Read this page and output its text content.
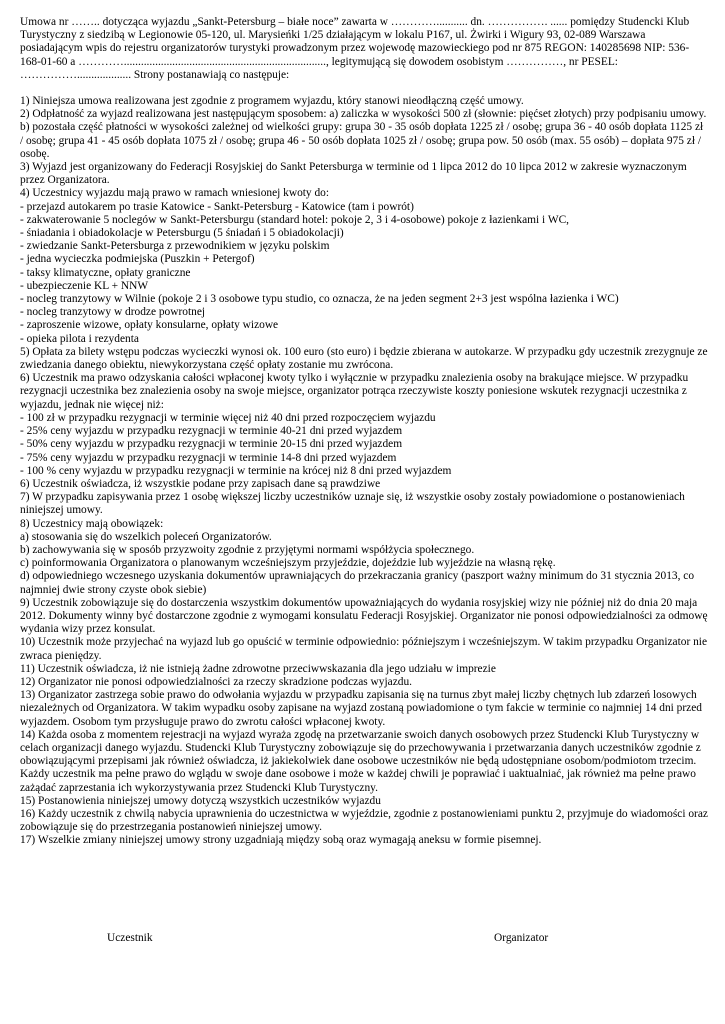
Umowa nr …….. dotycząca wyjazdu „Sankt-Petersburg – białe noce” zawarta w …………........... dn. ……………. ...... pomiędzy Studencki Klub Turystyczny z siedzibą w Legionowie 05-120, ul. Marysieńki 1/25 działającym w lokalu P167, ul. Żwirki i Wigury 93, 02-089 Warszawa posiadającym wpis do rejestru organizatorów turystyki prowadzonym przez wojewodę mazowieckiego pod nr 875 REGON: 140285698 NIP: 536-168-01-60 a …………......................................................................., legitymującą się dowodem osobistym ……………, nr PESEL: ……………................... Strony postanawiają co następuje:

1) Niniejsza umowa realizowana jest zgodnie z programem wyjazdu, który stanowi nieodłączną część umowy.

2) Odpłatność za wyjazd realizowana jest następującym sposobem: a) zaliczka w wysokości 500 zł (słownie: pięćset złotych) przy podpisaniu umowy. b) pozostała część płatności w wysokości zależnej od wielkości grupy: grupa 30 - 35 osób dopłata 1225 zł / osobę; grupa 36 - 40 osób dopłata 1125 zł / osobę; grupa 41 - 45 osób dopłata 1075 zł / osobę; grupa 46 - 50 osób dopłata 1025 zł / osobę; grupa pow. 50 osób (max. 55 osób) – dopłata 975 zł / osobę.

3) Wyjazd jest organizowany do Federacji Rosyjskiej do Sankt Petersburga w terminie od 1 lipca 2012 do 10 lipca 2012 w zakresie wyznaczonym przez Organizatora.

4) Uczestnicy wyjazdu mają prawo w ramach wniesionej kwoty do:

- przejazd autokarem po trasie Katowice - Sankt-Petersburg - Katowice (tam i powrót)

- zakwaterowanie 5 noclegów w Sankt-Petersburgu (standard hotel: pokoje 2, 3 i 4-osobowe) pokoje z łazienkami i WC,

- śniadania i obiadokolacje w Petersburgu (5 śniadań i 5 obiadokolacji)

- zwiedzanie Sankt-Petersburga z przewodnikiem w języku polskim

- jedna wycieczka podmiejska (Puszkin + Petergof)

- taksy klimatyczne, opłaty graniczne

- ubezpieczenie KL + NNW

- nocleg tranzytowy w Wilnie (pokoje 2 i 3 osobowe typu studio, co oznacza, że na jeden segment 2+3 jest wspólna łazienka i WC)

- nocleg tranzytowy w drodze powrotnej

- zaproszenie wizowe, opłaty konsularne, opłaty wizowe

- opieka pilota i rezydenta

5) Opłata za bilety wstępu podczas wycieczki wynosi ok. 100 euro (sto euro) i będzie zbierana w autokarze. W przypadku gdy uczestnik zrezygnuje ze zwiedzania danego obiektu, niewykorzystana część opłaty zostanie mu zwrócona.

6) Uczestnik ma prawo odzyskania całości wpłaconej kwoty tylko i wyłącznie w przypadku znalezienia osoby na brakujące miejsce. W przypadku rezygnacji uczestnika bez znalezienia osoby na swoje miejsce, organizator potrąca rzeczywiste koszty poniesione wskutek rezygnacji uczestnika z wyjazdu, jednak nie więcej niż:

- 100 zł w przypadku rezygnacji w terminie więcej niż 40 dni przed rozpoczęciem wyjazdu

- 25% ceny wyjazdu w przypadku rezygnacji w terminie 40-21 dni przed wyjazdem

- 50% ceny wyjazdu w przypadku rezygnacji w terminie 20-15 dni przed wyjazdem

- 75% ceny wyjazdu w przypadku rezygnacji w terminie 14-8 dni przed wyjazdem

- 100 % ceny wyjazdu w przypadku rezygnacji w terminie na krócej niż 8 dni przed wyjazdem

6) Uczestnik oświadcza, iż wszystkie podane przy zapisach dane są prawdziwe

7) W przypadku zapisywania przez 1 osobę większej liczby uczestników uznaje się, iż wszystkie osoby zostały powiadomione o postanowieniach niniejszej umowy.

8) Uczestnicy mają obowiązek:

a) stosowania się do wszelkich poleceń Organizatorów.

b) zachowywania się w sposób przyzwoity zgodnie z przyjętymi normami współżycia społecznego.

c) poinformowania Organizatora o planowanym wcześniejszym przyjeździe, dojeździe lub wyjeździe na własną rękę.

d) odpowiedniego wczesnego uzyskania dokumentów uprawniających do przekraczania granicy (paszport ważny minimum do 31 stycznia 2013, co najmniej dwie strony czyste obok siebie)

9) Uczestnik zobowiązuje się do dostarczenia wszystkim dokumentów upoważniających do wydania rosyjskiej wizy nie później niż do dnia 20 maja 2012. Dokumenty winny być dostarczone zgodnie z wymogami konsulatu Federacji Rosyjskiej. Organizator nie ponosi odpowiedzialności za odmowę wydania wizy przez konsulat.

10) Uczestnik może przyjechać na wyjazd lub go opuścić w terminie odpowiednio: późniejszym i wcześniejszym. W takim przypadku Organizator nie zwraca pieniędzy.

11) Uczestnik oświadcza, iż nie istnieją żadne zdrowotne przeciwwskazania dla jego udziału w imprezie

12) Organizator nie ponosi odpowiedzialności za rzeczy skradzione podczas wyjazdu.

13) Organizator zastrzega sobie prawo do odwołania wyjazdu w przypadku zapisania się na turnus zbyt małej liczby chętnych lub zdarzeń losowych niezależnych od Organizatora. W takim wypadku osoby zapisane na wyjazd zostaną powiadomione o tym fakcie w terminie co najmniej 14 dni przed wyjazdem. Osobom tym przysługuje prawo do zwrotu całości wpłaconej kwoty.

14) Każda osoba z momentem rejestracji na wyjazd wyraża zgodę na przetwarzanie swoich danych osobowych przez Studencki Klub Turystyczny w celach organizacji danego wyjazdu. Studencki Klub Turystyczny zobowiązuje się do przechowywania i przetwarzania danych uczestników zgodnie z obowiązującymi przepisami jak również oświadcza, iż jakiekolwiek dane osobowe uczestników nie będą udostępniane osobom/podmiotom trzecim. Każdy uczestnik ma pełne prawo do wglądu w swoje dane osobowe i może w każdej chwili je poprawiać i uaktualniać, jak również ma pełne prawo zażądać zaprzestania ich wykorzystywania przez Studencki Klub Turystyczny.

15) Postanowienia niniejszej umowy dotyczą wszystkich uczestników wyjazdu

16) Każdy uczestnik z chwilą nabycia uprawnienia do uczestnictwa w wyjeździe, zgodnie z postanowieniami punktu 2, przyjmuje do wiadomości oraz zobowiązuje się do przestrzegania postanowień niniejszej umowy.

17) Wszelkie zmiany niniejszej umowy strony uzgadniają między sobą oraz wymagają aneksu w formie pisemnej.

Uczestnik	Organizator
